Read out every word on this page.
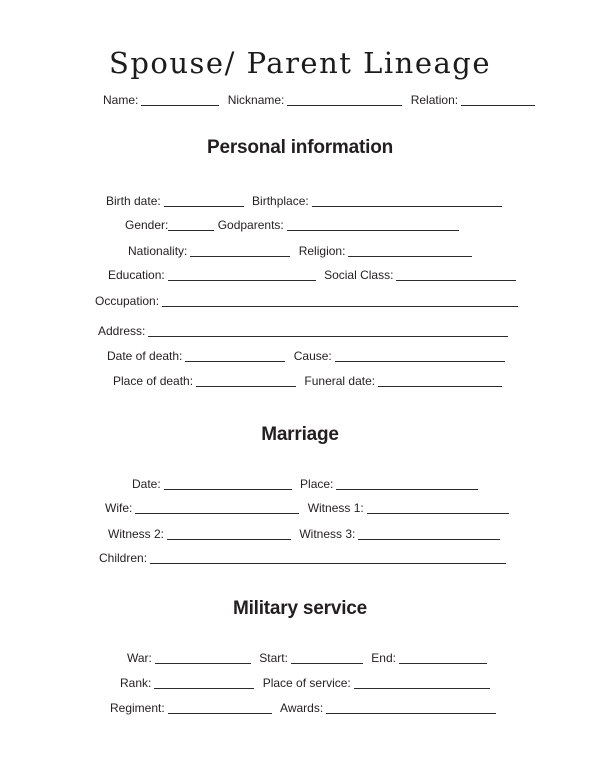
Spouse/ Parent Lineage
Name:	Nickname:	Relation:
Personal information
Birth date:	Birthplace:
Gender:	Godparents:
Nationality:	Religion:
Education:	Social Class:
Occupation:
Address:
Date of death:	Cause:
Place of death:	Funeral date:
Marriage
Date:	Place:
Wife:	Witness 1:
Witness 2:	Witness 3:
Children:
Military service
War:	Start:	End:
Rank:	Place of service:
Regiment:	Awards:
